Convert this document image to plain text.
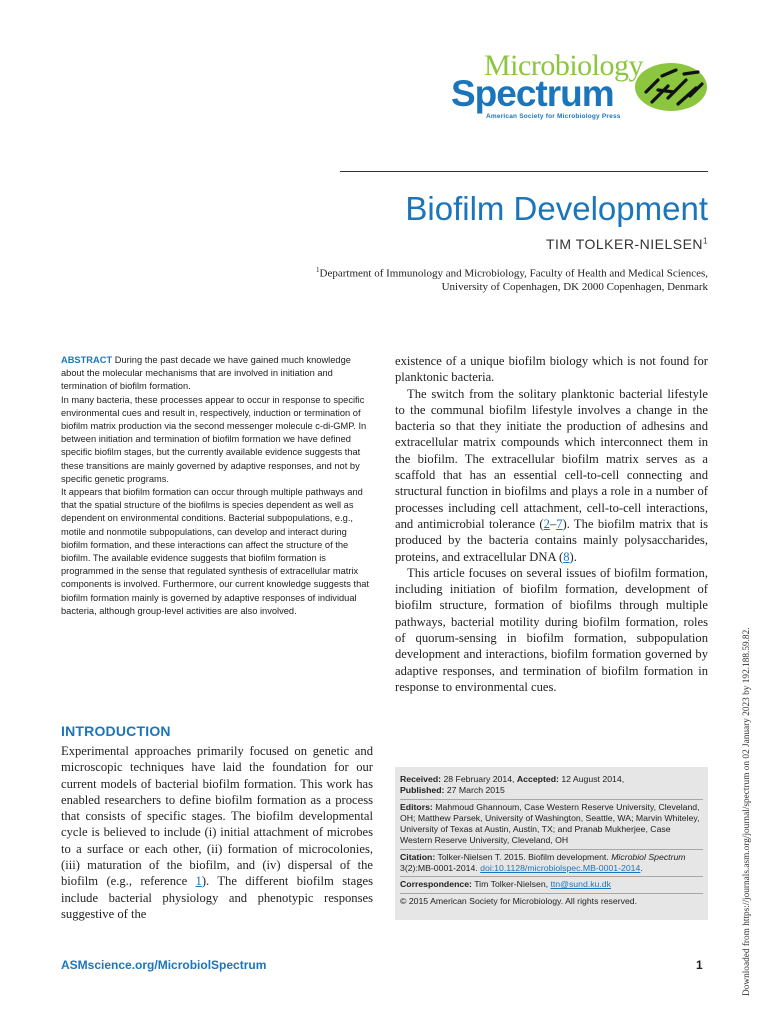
Microbiology
Spectrum
American Society for Microbiology Press
Biofilm Development
TIM TOLKER-NIELSEN$^1$
$^1$Department of Immunology and Microbiology, Faculty of Health and Medical Sciences,
University of Copenhagen, DK 2000 Copenhagen, Denmark

ABSTRACT During the past decade we have gained much knowledge about the molecular mechanisms that are involved in initiation and termination of biofilm formation.

In many bacteria, these processes appear to occur in response to specific environmental cues and result in, respectively, induction or termination of biofilm matrix production via the second messenger molecule c-di-GMP. In between initiation and termination of biofilm formation we have defined specific biofilm stages, but the currently available evidence suggests that these transitions are mainly governed by adaptive responses, and not by specific genetic programs.

It appears that biofilm formation can occur through multiple pathways and that the spatial structure of the biofilms is species dependent as well as dependent on environmental conditions. Bacterial subpopulations, e.g., motile and nonmotile subpopulations, can develop and interact during biofilm formation, and these interactions can affect the structure of the biofilm. The available evidence suggests that biofilm formation is programmed in the sense that regulated synthesis of extracellular matrix components is involved. Furthermore, our current knowledge suggests that biofilm formation mainly is governed by adaptive responses of individual bacteria, although group-level activities are also involved.

INTRODUCTION

Experimental approaches primarily focused on genetic and microscopic techniques have laid the foundation for our current models of bacterial biofilm formation. This work has enabled researchers to define biofilm formation as a process that consists of specific stages. The biofilm developmental cycle is believed to include (i) initial attachment of microbes to a surface or each other, (ii) formation of microcolonies, (iii) maturation of the biofilm, and (iv) dispersal of the biofilm (e.g., reference 1). The different biofilm stages include bacterial physiology and phenotypic responses suggestive of the

existence of a unique biofilm biology which is not found for planktonic bacteria.

The switch from the solitary planktonic bacterial lifestyle to the communal biofilm lifestyle involves a change in the bacteria so that they initiate the production of adhesins and extracellular matrix compounds which interconnect them in the biofilm. The extracellular biofilm matrix serves as a scaffold that has an essential cell-to-cell connecting and structural function in biofilms and plays a role in a number of processes including cell attachment, cell-to-cell interactions, and antimicrobial tolerance (2–7). The biofilm matrix that is produced by the bacteria contains mainly polysaccharides, proteins, and extracellular DNA (8).

This article focuses on several issues of biofilm formation, including initiation of biofilm formation, development of biofilm structure, formation of biofilms through multiple pathways, bacterial motility during biofilm formation, roles of quorum-sensing in biofilm formation, subpopulation development and interactions, biofilm formation governed by adaptive responses, and termination of biofilm formation in response to environmental cues.

Received: 28 February 2014, Accepted: 12 August 2014,
Published: 27 March 2015

Editors: Mahmoud Ghannoum, Case Western Reserve University, Cleveland, OH; Matthew Parsek, University of Washington, Seattle, WA; Marvin Whiteley, University of Texas at Austin, Austin, TX; and Pranab Mukherjee, Case Western Reserve University, Cleveland, OH

Citation: Tolker-Nielsen T. 2015. Biofilm development. Microbiol Spectrum 3(2):MB-0001-2014. doi:10.1128/microbiolspec.MB-0001-2014.

Correspondence: Tim Tolker-Nielsen, ttn@sund.ku.dk

© 2015 American Society for Microbiology. All rights reserved.

ASMscience.org/MicrobiolSpectrum	1	Downloaded from https://journals.asm.org/journal/spectrum on 02 January 2023 by 192.188.59.82.
